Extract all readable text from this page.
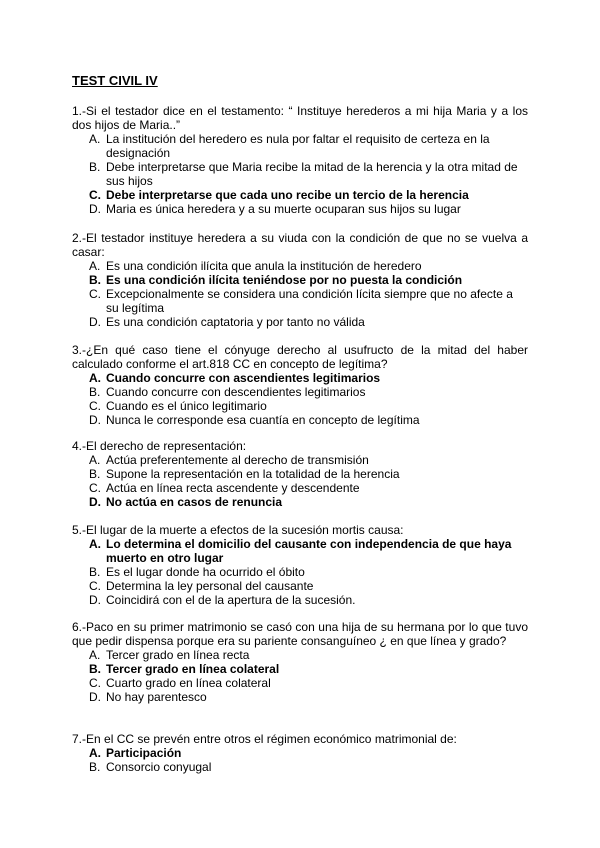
TEST CIVIL IV

1.-Si el testador dice en el testamento: “ Instituye herederos a mi hija Maria y a los dos hijos de Maria..”

A. La institución del heredero es nula por faltar el requisito de certeza en la designación
B. Debe interpretarse que Maria recibe la mitad de la herencia y la otra mitad de sus hijos
C. Debe interpretarse que cada uno recibe un tercio de la herencia
D. Maria es única heredera y a su muerte ocuparan sus hijos su lugar

2.-El testador instituye heredera a su viuda con la condición de que no se vuelva a casar:

A. Es una condición ilícita que anula la institución de heredero
B. Es una condición ilícita teniéndose por no puesta la condición
C. Excepcionalmente se considera una condición lícita siempre que no afecte a su legítima
D. Es una condición captatoria y por tanto no válida

3.-¿En qué caso tiene el cónyuge derecho al usufructo de la mitad del haber calculado conforme el art.818 CC en concepto de legítima?

A. Cuando concurre con ascendientes legitimarios
B. Cuando concurre con descendientes legitimarios
C. Cuando es el único legitimario
D. Nunca le corresponde esa cuantía en concepto de legítima

4.-El derecho de representación:

A. Actúa preferentemente al derecho de transmisión
B. Supone la representación en la totalidad de la herencia
C. Actúa en línea recta ascendente y descendente
D. No actúa en casos de renuncia

5.-El lugar de la muerte a efectos de la sucesión mortis causa:

A. Lo determina el domicilio del causante con independencia de que haya muerto en otro lugar
B. Es el lugar donde ha ocurrido el óbito
C. Determina la ley personal del causante
D. Coincidirá con el de la apertura de la sucesión.

6.-Paco en su primer matrimonio se casó con una hija de su hermana por lo que tuvo que pedir dispensa porque era su pariente consanguíneo ¿ en que línea y grado?

A. Tercer grado en línea recta
B. Tercer grado en línea colateral
C. Cuarto grado en línea colateral
D. No hay parentesco

7.-En el CC se prevén entre otros el régimen económico matrimonial de:

A. Participación
B. Consorcio conyugal
